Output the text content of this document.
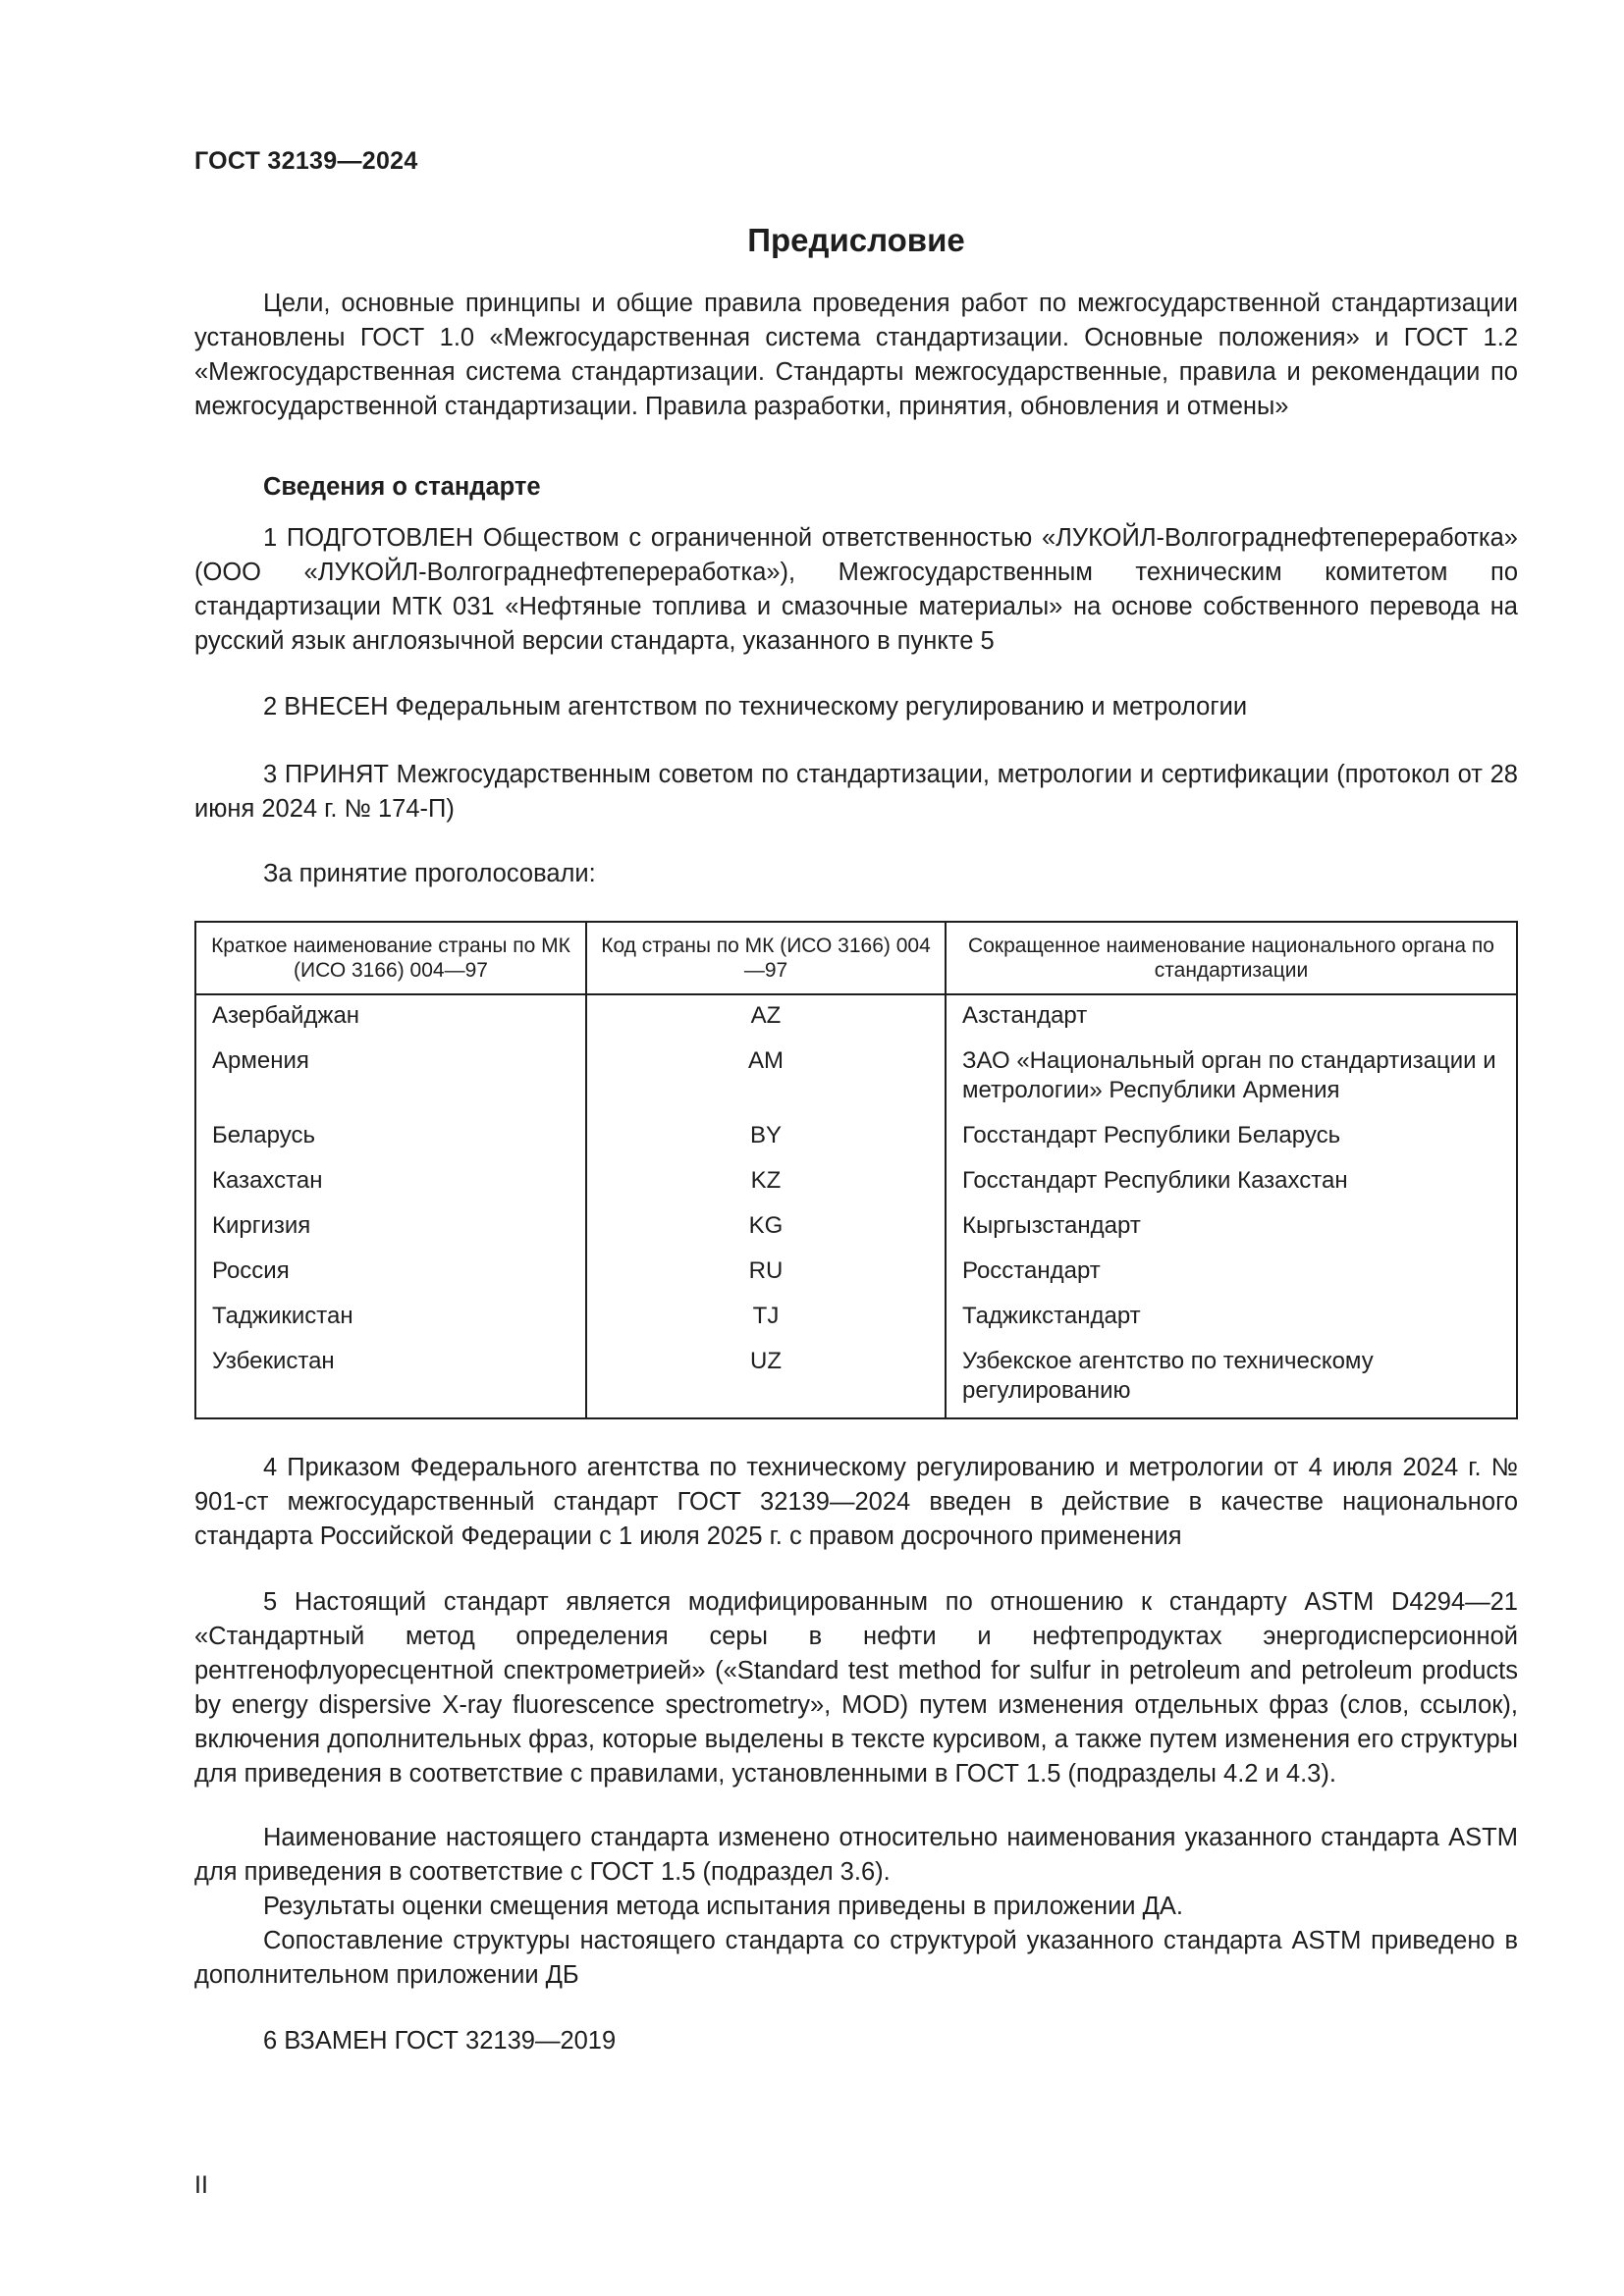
ГОСТ 32139—2024
Предисловие

Цели, основные принципы и общие правила проведения работ по межгосударственной стандартизации установлены ГОСТ 1.0 «Межгосударственная система стандартизации. Основные положения» и ГОСТ 1.2 «Межгосударственная система стандартизации. Стандарты межгосударственные, правила и рекомендации по межгосударственной стандартизации. Правила разработки, принятия, обновления и отмены»

Сведения о стандарте

1 ПОДГОТОВЛЕН Обществом с ограниченной ответственностью «ЛУКОЙЛ-Волгограднефтепереработка» (ООО «ЛУКОЙЛ-Волгограднефтепереработка»), Межгосударственным техническим комитетом по стандартизации МТК 031 «Нефтяные топлива и смазочные материалы» на основе собственного перевода на русский язык англоязычной версии стандарта, указанного в пункте 5

2 ВНЕСЕН Федеральным агентством по техническому регулированию и метрологии

3 ПРИНЯТ Межгосударственным советом по стандартизации, метрологии и сертификации (протокол от 28 июня 2024 г. № 174-П)

За принятие проголосовали:
Краткое наименование страны по МК (ИСО 3166) 004—97	Код страны по МК (ИСО 3166) 004—97	Сокращенное наименование национального органа по стандартизации
Азербайджан	AZ	Азстандарт
Армения	AM	ЗАО «Национальный орган по стандартизации и метрологии» Республики Армения
Беларусь	BY	Госстандарт Республики Беларусь
Казахстан	KZ	Госстандарт Республики Казахстан
Киргизия	KG	Кыргызстандарт
Россия	RU	Росстандарт
Таджикистан	TJ	Таджикстандарт
Узбекистан	UZ	Узбекское агентство по техническому регулированию

4 Приказом Федерального агентства по техническому регулированию и метрологии от 4 июля 2024 г. № 901-ст межгосударственный стандарт ГОСТ 32139—2024 введен в действие в качестве национального стандарта Российской Федерации с 1 июля 2025 г. с правом досрочного применения

5 Настоящий стандарт является модифицированным по отношению к стандарту ASTM D4294—21 «Стандартный метод определения серы в нефти и нефтепродуктах энергодисперсионной рентгенофлуоресцентной спектрометрией» («Standard test method for sulfur in petroleum and petroleum products by energy dispersive X-ray fluorescence spectrometry», MOD) путем изменения отдельных фраз (слов, ссылок), включения дополнительных фраз, которые выделены в тексте курсивом, а также путем изменения его структуры для приведения в соответствие с правилами, установленными в ГОСТ 1.5 (подразделы 4.2 и 4.3).

Наименование настоящего стандарта изменено относительно наименования указанного стандарта ASTM для приведения в соответствие с ГОСТ 1.5 (подраздел 3.6).

Результаты оценки смещения метода испытания приведены в приложении ДА.

Сопоставление структуры настоящего стандарта со структурой указанного стандарта ASTM приведено в дополнительном приложении ДБ

6 ВЗАМЕН ГОСТ 32139—2019
II
